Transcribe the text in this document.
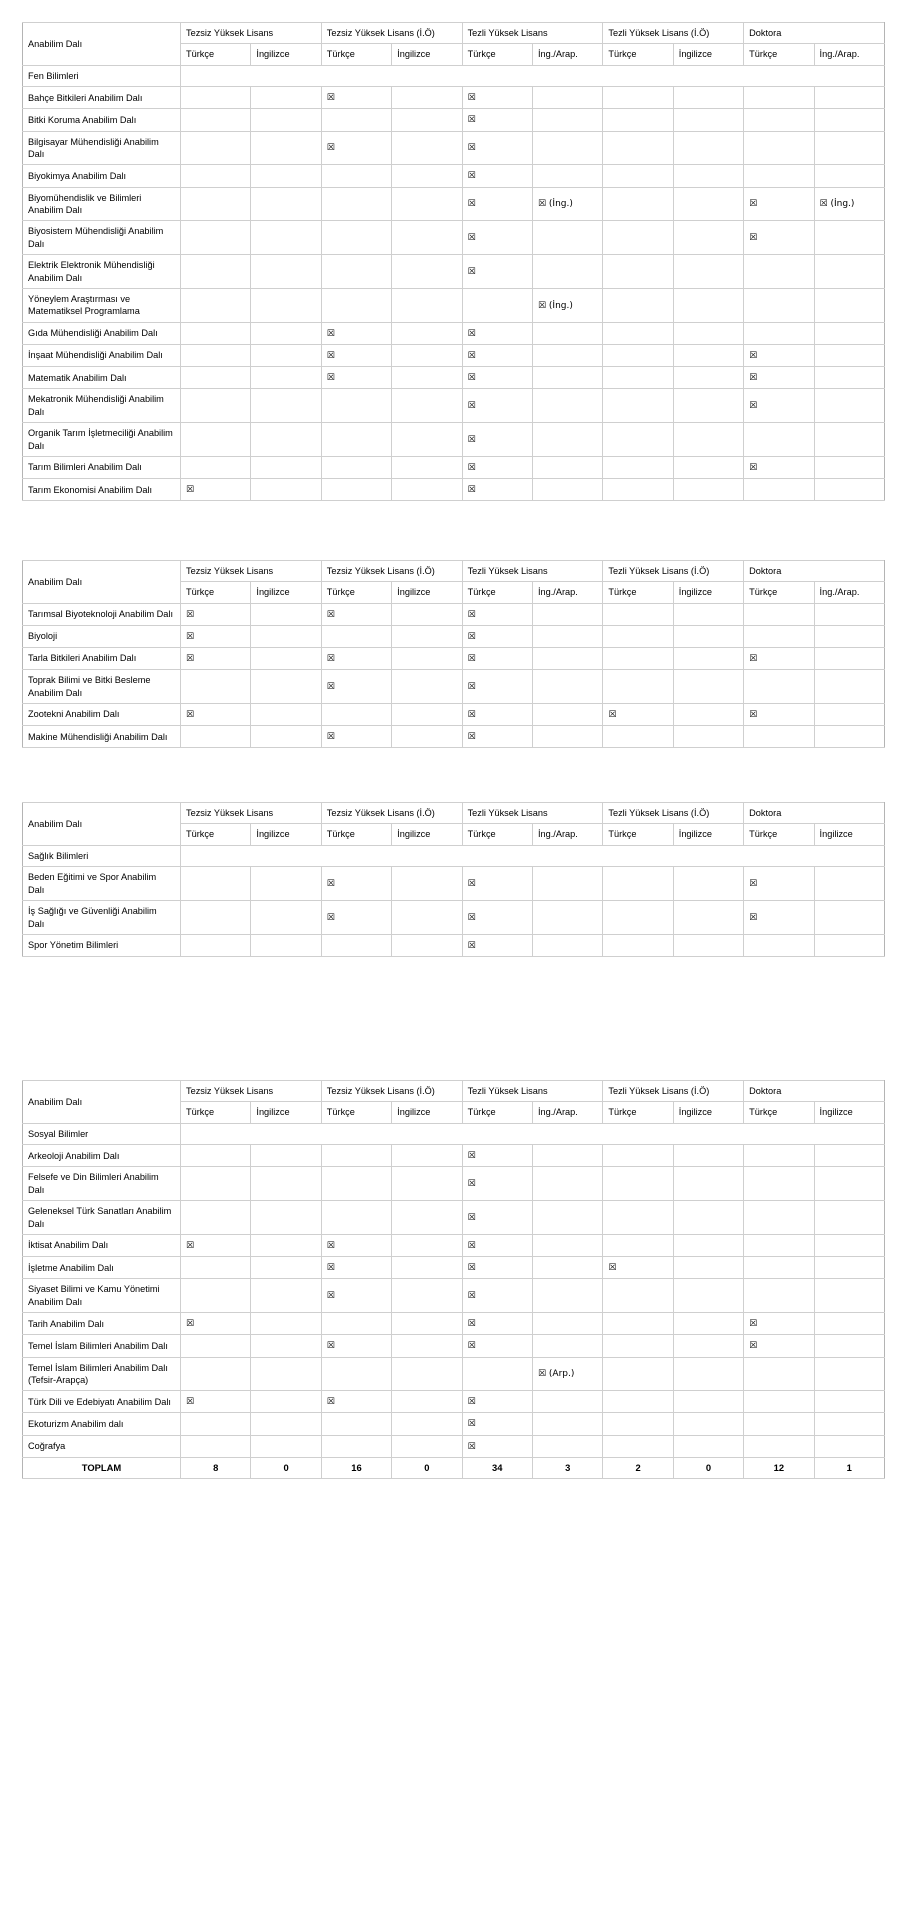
Anabilim Dalı	Tezsiz Yüksek Lisans		Tezsiz Yüksek Lisans (İ.Ö)		Tezli Yüksek Lisans		Tezli Yüksek Lisans (İ.Ö)		Doktora	
	Türkçe	İngilizce	Türkçe	İngilizce	Türkçe	İng./Arap.	Türkçe	İngilizce	Türkçe	İng./Arap.
Fen Bilimleri										
Bahçe Bitkileri Anabilim Dalı			☒		☒					
Bitki Koruma Anabilim Dalı					☒					
Bilgisayar Mühendisliği Anabilim Dalı			☒		☒					
Biyokimya Anabilim Dalı					☒					
Biyomühendislik ve Bilimleri Anabilim Dalı					☒	☒ (İng.)			☒	☒ (İng.)
Biyosistem Mühendisliği Anabilim Dalı					☒				☒	
Elektrik Elektronik Mühendisliği Anabilim Dalı					☒					
Yöneylem Araştırması ve Matematiksel Programlama						☒ (İng.)				
Gıda Mühendisliği Anabilim Dalı			☒		☒					
İnşaat Mühendisliği Anabilim Dalı			☒		☒				☒	
Matematik Anabilim Dalı			☒		☒				☒	
Mekatronik Mühendisliği Anabilim Dalı					☒				☒	
Organik Tarım İşletmeciliği Anabilim Dalı					☒					
Tarım Bilimleri Anabilim Dalı					☒				☒	
Tarım Ekonomisi Anabilim Dalı	☒				☒					
Anabilim Dalı	Tezsiz Yüksek Lisans		Tezsiz Yüksek Lisans (İ.Ö)		Tezli Yüksek Lisans		Tezli Yüksek Lisans (İ.Ö)		Doktora	
	Türkçe	İngilizce	Türkçe	İngilizce	Türkçe	İng./Arap.	Türkçe	İngilizce	Türkçe	İng./Arap.
Tarımsal Biyoteknoloji Anabilim Dalı	☒		☒		☒					
Biyoloji	☒				☒					
Tarla Bitkileri Anabilim Dalı	☒		☒		☒				☒	
Toprak Bilimi ve Bitki Besleme Anabilim Dalı			☒		☒					
Zootekni Anabilim Dalı	☒				☒		☒		☒	
Makine Mühendisliği Anabilim Dalı			☒		☒					
Anabilim Dalı	Tezsiz Yüksek Lisans		Tezsiz Yüksek Lisans (İ.Ö)		Tezli Yüksek Lisans		Tezli Yüksek Lisans (İ.Ö)		Doktora	
	Türkçe	İngilizce	Türkçe	İngilizce	Türkçe	İng./Arap.	Türkçe	İngilizce	Türkçe	İngilizce
Sağlık Bilimleri										
Beden Eğitimi ve Spor Anabilim Dalı			☒		☒				☒	
İş Sağlığı ve Güvenliği Anabilim Dalı			☒		☒				☒	
Spor Yönetim Bilimleri					☒					
Anabilim Dalı	Tezsiz Yüksek Lisans		Tezsiz Yüksek Lisans (İ.Ö)		Tezli Yüksek Lisans		Tezli Yüksek Lisans (İ.Ö)		Doktora	
	Türkçe	İngilizce	Türkçe	İngilizce	Türkçe	İng./Arap.	Türkçe	İngilizce	Türkçe	İngilizce
Sosyal Bilimler										
Arkeoloji Anabilim Dalı					☒					
Felsefe ve Din Bilimleri Anabilim Dalı					☒					
Geleneksel Türk Sanatları Anabilim Dalı					☒					
İktisat Anabilim Dalı	☒		☒		☒					
İşletme Anabilim Dalı			☒		☒		☒			
Siyaset Bilimi ve Kamu Yönetimi Anabilim Dalı			☒		☒					
Tarih Anabilim Dalı	☒				☒				☒	
Temel İslam Bilimleri Anabilim Dalı			☒		☒				☒	
Temel İslam Bilimleri Anabilim Dalı (Tefsir-Arapça)						☒ (Arp.)				
Türk Dili ve Edebiyatı Anabilim Dalı	☒		☒		☒					
Ekoturizm Anabilim dalı					☒					
Coğrafya					☒					
TOPLAM	8	0	16	0	34	3	2	0	12	1
